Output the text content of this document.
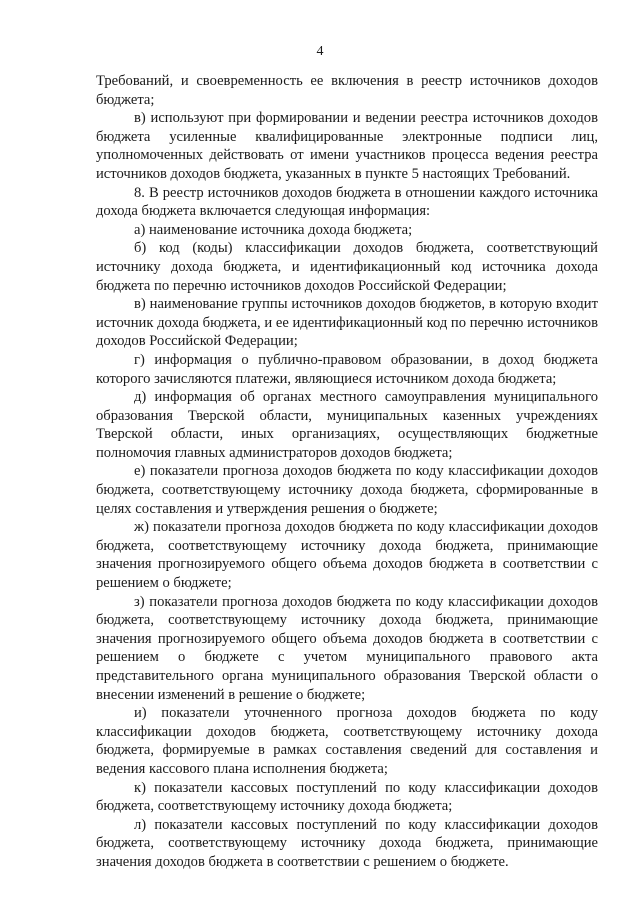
4

Требований, и своевременность ее включения в реестр источников доходов бюджета;

в) используют при формировании и ведении реестра источников доходов бюджета усиленные квалифицированные электронные подписи лиц, уполномоченных действовать от имени участников процесса ведения реестра источников доходов бюджета, указанных в пункте 5 настоящих Требований.

8. В реестр источников доходов бюджета в отношении каждого источника дохода бюджета включается следующая информация:

а) наименование источника дохода бюджета;

б) код (коды) классификации доходов бюджета, соответствующий источнику дохода бюджета, и идентификационный код источника дохода бюджета по перечню источников доходов Российской Федерации;

в) наименование группы источников доходов бюджетов, в которую входит источник дохода бюджета, и ее идентификационный код по перечню источников доходов Российской Федерации;

г) информация о публично-правовом образовании, в доход бюджета которого зачисляются платежи, являющиеся источником дохода бюджета;

д) информация об органах местного самоуправления муниципального образования Тверской области, муниципальных казенных учреждениях Тверской области, иных организациях, осуществляющих бюджетные полномочия главных администраторов доходов бюджета;

е) показатели прогноза доходов бюджета по коду классификации доходов бюджета, соответствующему источнику дохода бюджета, сформированные в целях составления и утверждения решения о бюджете;

ж) показатели прогноза доходов бюджета по коду классификации доходов бюджета, соответствующему источнику дохода бюджета, принимающие значения прогнозируемого общего объема доходов бюджета в соответствии с решением о бюджете;

з) показатели прогноза доходов бюджета по коду классификации доходов бюджета, соответствующему источнику дохода бюджета, принимающие значения прогнозируемого общего объема доходов бюджета в соответствии с решением о бюджете с учетом муниципального правового акта представительного органа муниципального образования Тверской области о внесении изменений в решение о бюджете;

и) показатели уточненного прогноза доходов бюджета по коду классификации доходов бюджета, соответствующему источнику дохода бюджета, формируемые в рамках составления сведений для составления и ведения кассового плана исполнения бюджета;

к) показатели кассовых поступлений по коду классификации доходов бюджета, соответствующему источнику дохода бюджета;

л) показатели кассовых поступлений по коду классификации доходов бюджета, соответствующему источнику дохода бюджета, принимающие значения доходов бюджета в соответствии с решением о бюджете.
